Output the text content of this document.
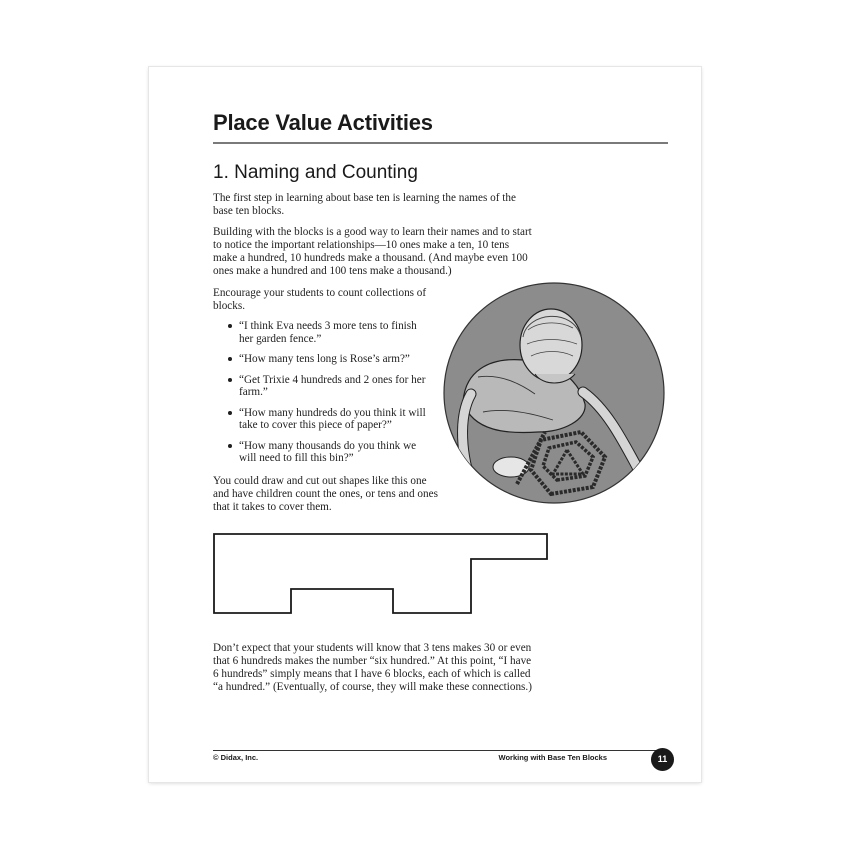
Place Value Activities
1. Naming and Counting

The first step in learning about base ten is learning the names of the base ten blocks.

Building with the blocks is a good way to learn their names and to start to notice the important relationships—10 ones make a ten, 10 tens make a hundred, 10 hundreds make a thousand. (And maybe even 100 ones make a hundred and 100 tens make a thousand.)

Encourage your students to count collections of blocks.

“I think Eva needs 3 more tens to finish her garden fence.”
“How many tens long is Rose’s arm?”
“Get Trixie 4 hundreds and 2 ones for her farm.”
“How many hundreds do you think it will take to cover this piece of paper?”
“How many thousands do you think we will need to fill this bin?”

You could draw and cut out shapes like this one and have children count the ones, or tens and ones that it takes to cover them.

Don’t expect that your students will know that 3 tens makes 30 or even that 6 hundreds makes the number “six hundred.” At this point, “I have 6 hundreds” simply means that I have 6 blocks, each of which is called “a hundred.” (Eventually, of course, they will make these connections.)

© Didax, Inc.	Working with Base Ten Blocks	11
